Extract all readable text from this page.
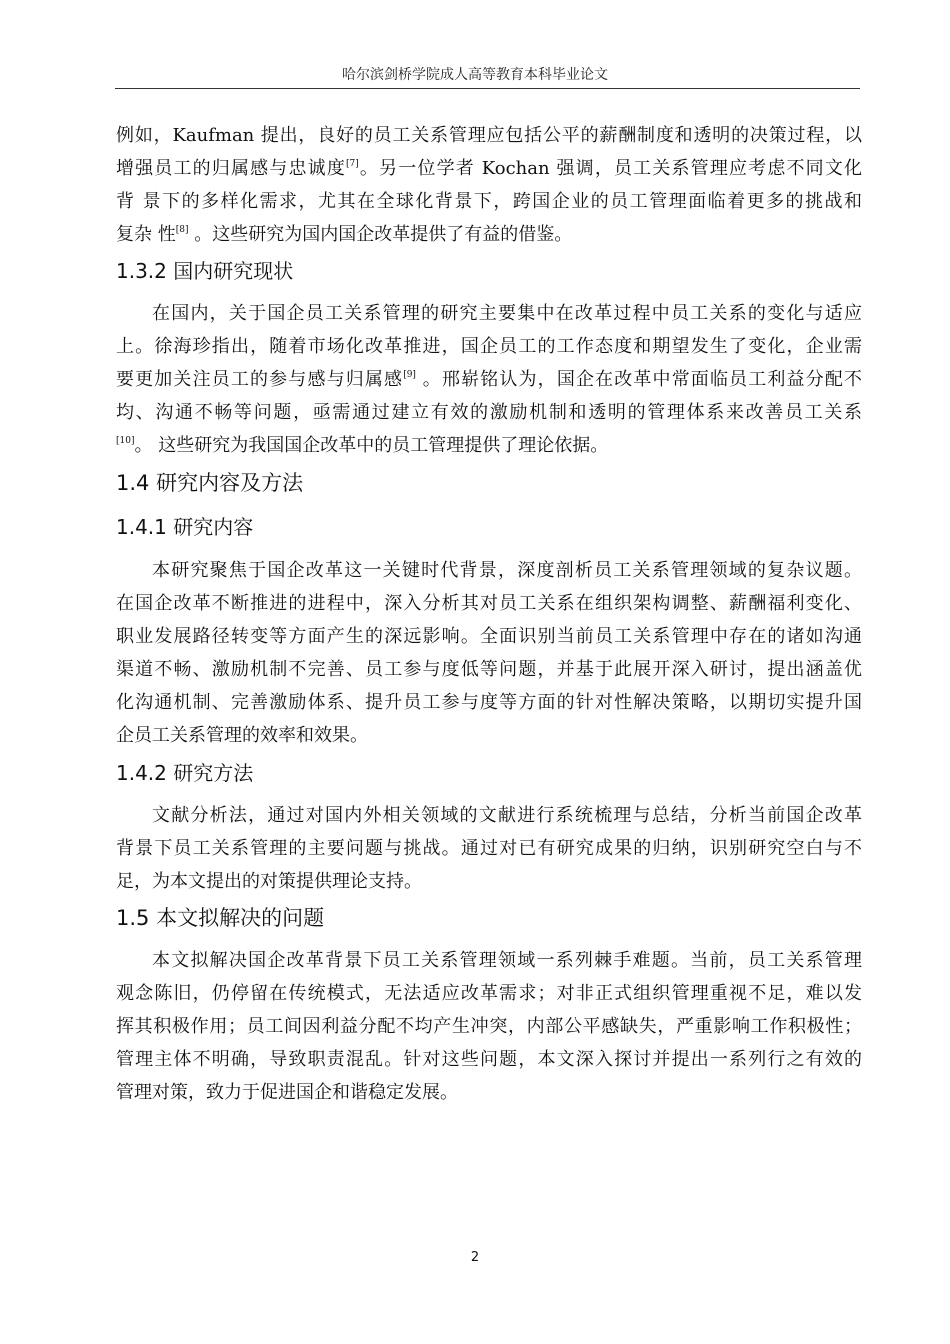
哈尔滨剑桥学院成人高等教育本科毕业论文
例如，Kaufman 提出，良好的员工关系管理应包括公平的薪酬制度和透明的决策过程，以
增强员工的归属感与忠诚度[7]。另一位学者 Kochan 强调，员工关系管理应考虑不同文化
背 景下的多样化需求，尤其在全球化背景下，跨国企业的员工管理面临着更多的挑战和
复杂 性[8] 。这些研究为国内国企改革提供了有益的借鉴。
1.3.2 国内研究现状
在国内，关于国企员工关系管理的研究主要集中在改革过程中员工关系的变化与适应
上。徐海珍指出，随着市场化改革推进，国企员工的工作态度和期望发生了变化，企业需
要更加关注员工的参与感与归属感[9] 。邢崭铭认为，国企在改革中常面临员工利益分配不
均、沟通不畅等问题，亟需通过建立有效的激励机制和透明的管理体系来改善员工关系
[10]。 这些研究为我国国企改革中的员工管理提供了理论依据。
1.4 研究内容及方法
1.4.1 研究内容
本研究聚焦于国企改革这一关键时代背景，深度剖析员工关系管理领域的复杂议题。
在国企改革不断推进的进程中，深入分析其对员工关系在组织架构调整、薪酬福利变化、
职业发展路径转变等方面产生的深远影响。全面识别当前员工关系管理中存在的诸如沟通
渠道不畅、激励机制不完善、员工参与度低等问题，并基于此展开深入研讨，提出涵盖优
化沟通机制、完善激励体系、提升员工参与度等方面的针对性解决策略，以期切实提升国
企员工关系管理的效率和效果。
1.4.2 研究方法
文献分析法，通过对国内外相关领域的文献进行系统梳理与总结，分析当前国企改革
背景下员工关系管理的主要问题与挑战。通过对已有研究成果的归纳，识别研究空白与不
足，为本文提出的对策提供理论支持。
1.5 本文拟解决的问题
本文拟解决国企改革背景下员工关系管理领域一系列棘手难题。当前，员工关系管理
观念陈旧，仍停留在传统模式，无法适应改革需求；对非正式组织管理重视不足，难以发
挥其积极作用；员工间因利益分配不均产生冲突，内部公平感缺失，严重影响工作积极性；
管理主体不明确，导致职责混乱。针对这些问题，本文深入探讨并提出一系列行之有效的
管理对策，致力于促进国企和谐稳定发展。
2
